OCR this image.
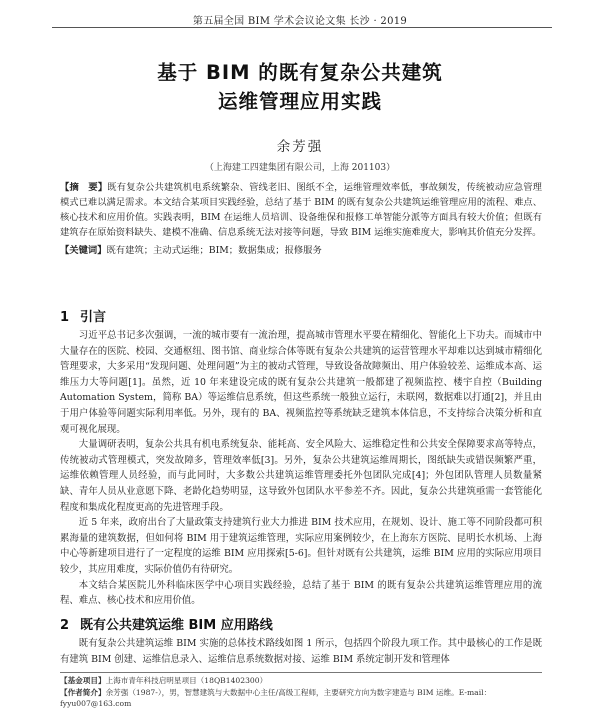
第五届全国 BIM 学术会议论文集 长沙 · 2019
基于 BIM 的既有复杂公共建筑
运维管理应用实践
余芳强
（上海建工四建集团有限公司，上海 201103）
【摘　要】既有复杂公共建筑机电系统繁杂、管线老旧、图纸不全，运维管理效率低，事故频发，传统被动应急管理模式已难以满足需求。本文结合某项目实践经验，总结了基于 BIM 的既有复杂公共建筑运维管理应用的流程、难点、核心技术和应用价值。实践表明，BIM 在运维人员培训、设备维保和报修工单智能分派等方面具有较大价值；但既有建筑存在原始资料缺失、建模不准确、信息系统无法对接等问题，导致 BIM 运维实施难度大，影响其价值充分发挥。
【关键词】既有建筑；主动式运维；BIM；数据集成；报修服务
1 引言

习近平总书记多次强调，一流的城市要有一流治理，提高城市管理水平要在精细化、智能化上下功夫。而城市中大量存在的医院、校园、交通枢纽、图书馆、商业综合体等既有复杂公共建筑的运营管理水平却难以达到城市精细化管理要求，大多采用“发现问题、处理问题”为主的被动式管理，导致设备故障频出、用户体验较差、运维成本高、运维压力大等问题[1]。虽然，近 10 年来建设完成的既有复杂公共建筑一般都建了视频监控、楼宇自控（Building Automation System，简称 BA）等运维信息系统，但这些系统一般独立运行，未联网，数据难以打通[2]，并且由于用户体验等问题实际利用率低。另外，现有的 BA、视频监控等系统缺乏建筑本体信息，不支持综合决策分析和直观可视化展现。

大量调研表明，复杂公共具有机电系统复杂、能耗高、安全风险大、运维稳定性和公共安全保障要求高等特点，传统被动式管理模式，突发故障多，管理效率低[3]。另外，复杂公共建筑运维周期长，图纸缺失或错误频繁严重，运维依赖管理人员经验，而与此同时，大多数公共建筑运维管理委托外包团队完成[4]；外包团队管理人员数量紧缺、青年人员从业意愿下降、老龄化趋势明显，这导致外包团队水平参差不齐。因此，复杂公共建筑亟需一套管能化程度和集成化程度更高的先进管理手段。

近 5 年来，政府出台了大量政策支持建筑行业大力推进 BIM 技术应用，在规划、设计、施工等不同阶段都可积累海量的建筑数据，但如何将 BIM 用于建筑运维管理，实际应用案例较少，在上海东方医院、昆明长水机场、上海中心等新建项目进行了一定程度的运维 BIM 应用探索[5-6]。但针对既有公共建筑，运维 BIM 应用的实际应用项目较少，其应用难度，实际价值仍有待研究。

本文结合某医院儿外科临床医学中心项目实践经验，总结了基于 BIM 的既有复杂公共建筑运维管理应用的流程、难点、核心技术和应用价值。

2 既有公共建筑运维 BIM 应用路线

既有复杂公共建筑运维 BIM 实施的总体技术路线如图 1 所示，包括四个阶段九项工作。其中最核心的工作是既有建筑 BIM 创建、运维信息录入、运维信息系统数据对接、运维 BIM 系统定制开发和管理体

【基金项目】上海市青年科技启明星项目（18QB1402300）
【作者简介】余芳强（1987-），男，智慧建筑与大数据中心主任/高级工程师，主要研究方向为数字建造与 BIM 运维。E-mail：fyyu007@163.com
